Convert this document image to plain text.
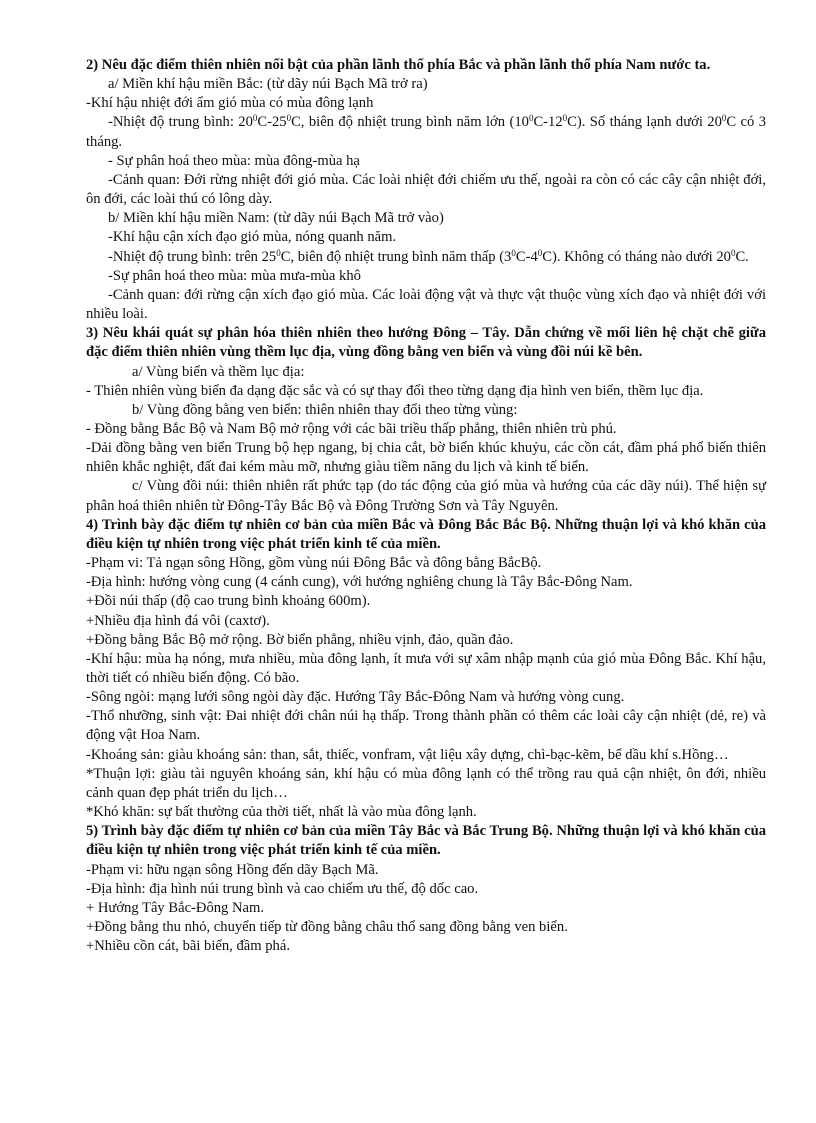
2) Nêu đặc điểm thiên nhiên nổi bật của phần lãnh thổ phía Bắc và phần lãnh thổ phía Nam nước ta.

a/ Miền khí hậu miền Bắc: (từ dãy núi Bạch Mã trở ra)

-Khí hậu nhiệt đới ẩm gió mùa có mùa đông lạnh

-Nhiệt độ trung bình: $20^0C-25^0C$, biên độ nhiệt trung bình năm lớn $(10^0C-12^0C)$. Số tháng lạnh dưới $20^0C$ có 3 tháng.

- Sự phân hoá theo mùa: mùa đông-mùa hạ

-Cảnh quan: Đới rừng nhiệt đới gió mùa. Các loài nhiệt đới chiếm ưu thế, ngoài ra còn có các cây cận nhiệt đới, ôn đới, các loài thú có lông dày.

b/ Miền khí hậu miền Nam: (từ dãy núi Bạch Mã trở vào)

-Khí hậu cận xích đạo gió mùa, nóng quanh năm.

-Nhiệt độ trung bình: trên $25^0C$, biên độ nhiệt trung bình năm thấp $(3^0C-4^0C)$. Không có tháng nào dưới $20^0C$.

-Sự phân hoá theo mùa: mùa mưa-mùa khô

-Cảnh quan: đới rừng cận xích đạo gió mùa. Các loài động vật và thực vật thuộc vùng xích đạo và nhiệt đới với nhiều loài.

3) Nêu khái quát sự phân hóa thiên nhiên theo hướng Đông – Tây. Dẫn chứng về mối liên hệ chặt chẽ giữa đặc điểm thiên nhiên vùng thềm lục địa, vùng đồng bằng ven biển và vùng đồi núi kề bên.

a/ Vùng biển và thềm lục địa:

- Thiên nhiên vùng biển đa dạng đặc sắc và có sự thay đổi theo từng dạng địa hình ven biển, thềm lục địa.

b/ Vùng đồng bằng ven biển: thiên nhiên thay đổi theo từng vùng:

- Đồng bằng Bắc Bộ và Nam Bộ mở rộng với các bãi triều thấp phẳng, thiên nhiên trù phú.

-Dải đồng bằng ven biển Trung bộ hẹp ngang, bị chia cắt, bờ biển khúc khuỷu, các cồn cát, đầm phá phổ biến thiên nhiên khắc nghiệt, đất đai kém màu mỡ, nhưng giàu tiềm năng du lịch và kinh tế biển.

c/ Vùng đồi núi: thiên nhiên rất phức tạp (do tác động của gió mùa và hướng của các dãy núi). Thể hiện sự phân hoá thiên nhiên từ Đông-Tây Bắc Bộ và Đông Trường Sơn và Tây Nguyên.

4) Trình bày đặc điểm tự nhiên cơ bản của miền Bắc và Đông Bắc Bắc Bộ. Những thuận lợi và khó khăn của điều kiện tự nhiên trong việc phát triển kinh tế của miền.

-Phạm vi: Tả ngạn sông Hồng, gồm vùng núi Đông Bắc và đông bằng BắcBộ.

-Địa hình: hướng vòng cung (4 cánh cung), với hướng nghiêng chung là Tây Bắc-Đông Nam.

+Đồi núi thấp (độ cao trung bình khoảng 600m).

+Nhiều địa hình đá vôi (caxtơ).

+Đồng bằng Bắc Bộ mở rộng. Bờ biển phẳng, nhiều vịnh, đảo, quần đảo.

-Khí hậu: mùa hạ nóng, mưa nhiều, mùa đông lạnh, ít mưa với sự xâm nhập mạnh của gió mùa Đông Bắc. Khí hậu, thời tiết có nhiều biến động. Có bão.

-Sông ngòi: mạng lưới sông ngòi dày đặc. Hướng Tây Bắc-Đông Nam và hướng vòng cung.

-Thổ nhưỡng, sinh vật: Đai nhiệt đới chân núi hạ thấp. Trong thành phần có thêm các loài cây cận nhiệt (dẻ, re) và động vật Hoa Nam.

-Khoáng sản: giàu khoáng sản: than, sắt, thiếc, vonfram, vật liệu xây dựng, chì-bạc-kẽm, bể dầu khí s.Hồng…

*Thuận lợi: giàu tài nguyên khoáng sản, khí hậu có mùa đông lạnh có thể trồng rau quả cận nhiệt, ôn đới, nhiều cảnh quan đẹp phát triển du lịch…

*Khó khăn: sự bất thường của thời tiết, nhất là vào mùa đông lạnh.

5) Trình bày đặc điểm tự nhiên cơ bản của miền Tây Bắc và Bắc Trung Bộ. Những thuận lợi và khó khăn của điều kiện tự nhiên trong việc phát triển kinh tế của miền.

-Phạm vi: hữu ngạn sông Hồng đến dãy Bạch Mã.

-Địa hình: địa hình núi trung bình và cao chiếm ưu thế, độ dốc cao.

+ Hướng Tây Bắc-Đông Nam.

+Đồng bằng thu nhỏ, chuyển tiếp từ đồng bằng châu thổ sang đồng bằng ven biển.

+Nhiều cồn cát, bãi biển, đầm phá.
